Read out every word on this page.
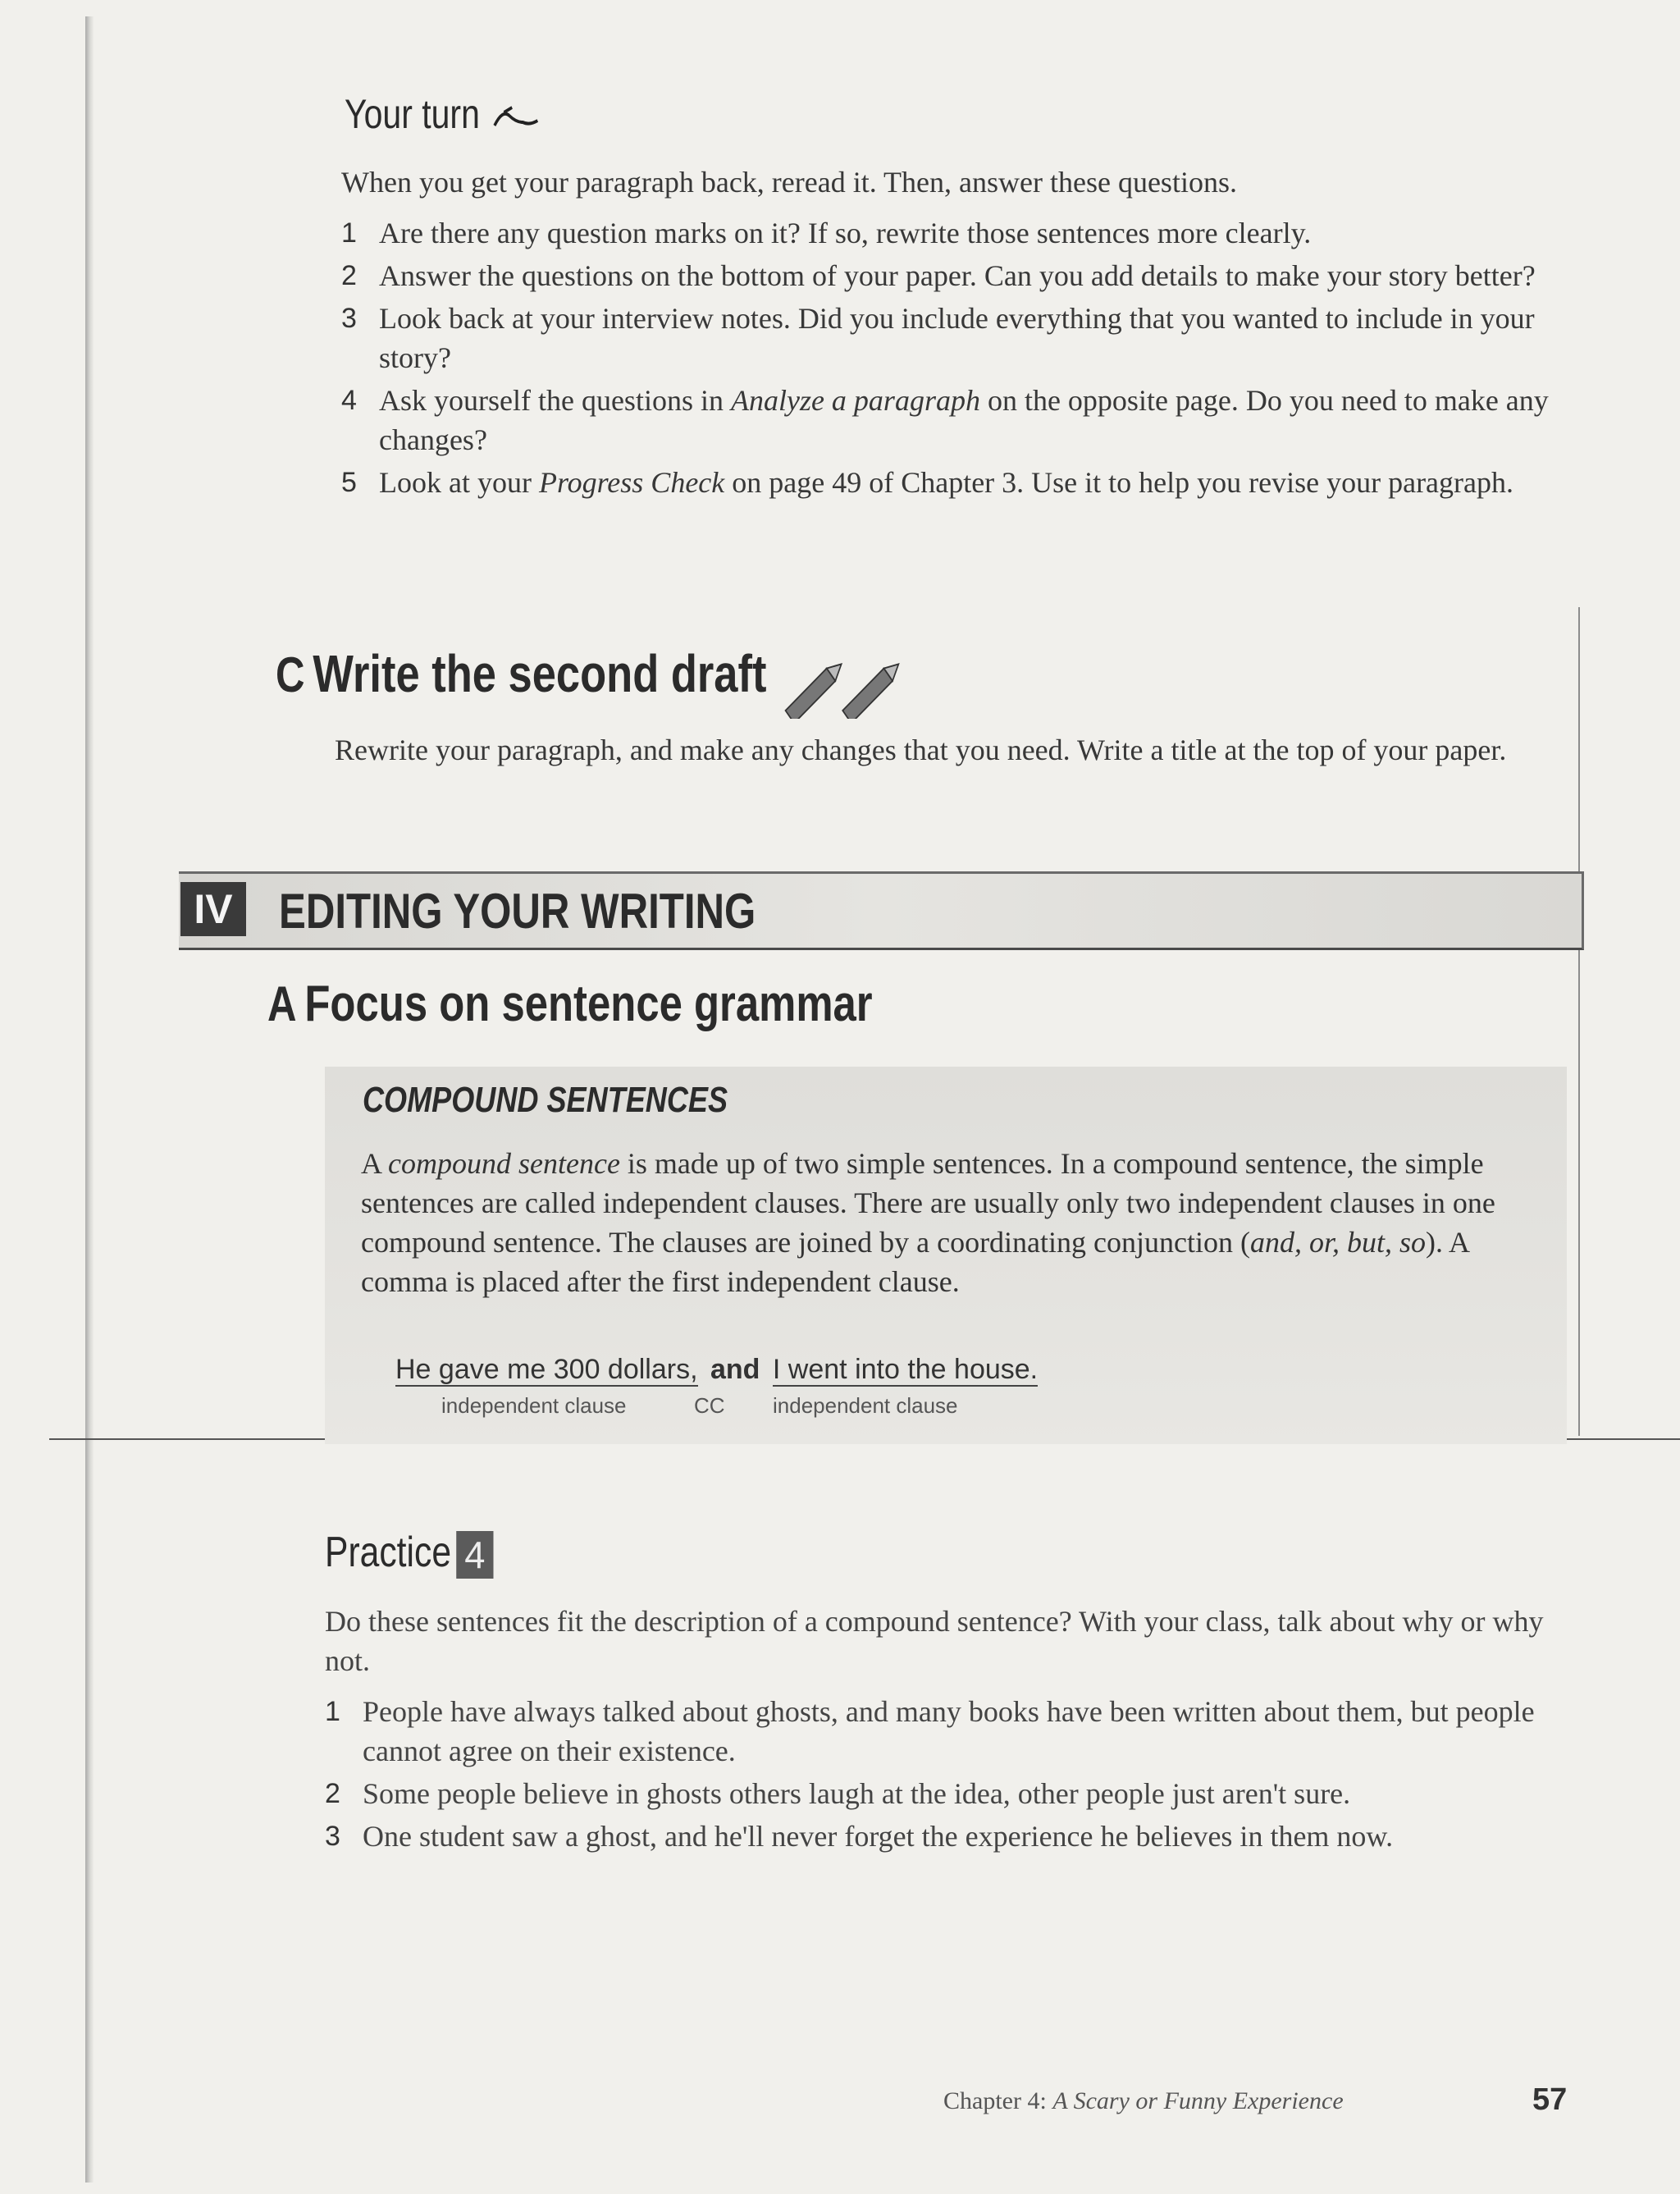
Your turn
When you get your paragraph back, reread it. Then, answer these questions.
1 Are there any question marks on it? If so, rewrite those sentences more clearly.
2 Answer the questions on the bottom of your paper. Can you add details to make your story better?
3 Look back at your interview notes. Did you include everything that you wanted to include in your story?
4 Ask yourself the questions in Analyze a paragraph on the opposite page. Do you need to make any changes?
5 Look at your Progress Check on page 49 of Chapter 3. Use it to help you revise your paragraph.
C Write the second draft
Rewrite your paragraph, and make any changes that you need. Write a title at the top of your paper.
IV EDITING YOUR WRITING
A Focus on sentence grammar
COMPOUND SENTENCES
A compound sentence is made up of two simple sentences. In a compound sentence, the simple sentences are called independent clauses. There are usually only two independent clauses in one compound sentence. The clauses are joined by a coordinating conjunction (and, or, but, so). A comma is placed after the first independent clause.
He gave me 300 dollars, and I went into the house.
independent clause	CC independent clause
Practice 4
Do these sentences fit the description of a compound sentence? With your class, talk about why or why not.
1 People have always talked about ghosts, and many books have been written about them, but people cannot agree on their existence.
2 Some people believe in ghosts others laugh at the idea, other people just aren't sure.
3 One student saw a ghost, and he'll never forget the experience he believes in them now.
Chapter 4: A Scary or Funny Experience	57
